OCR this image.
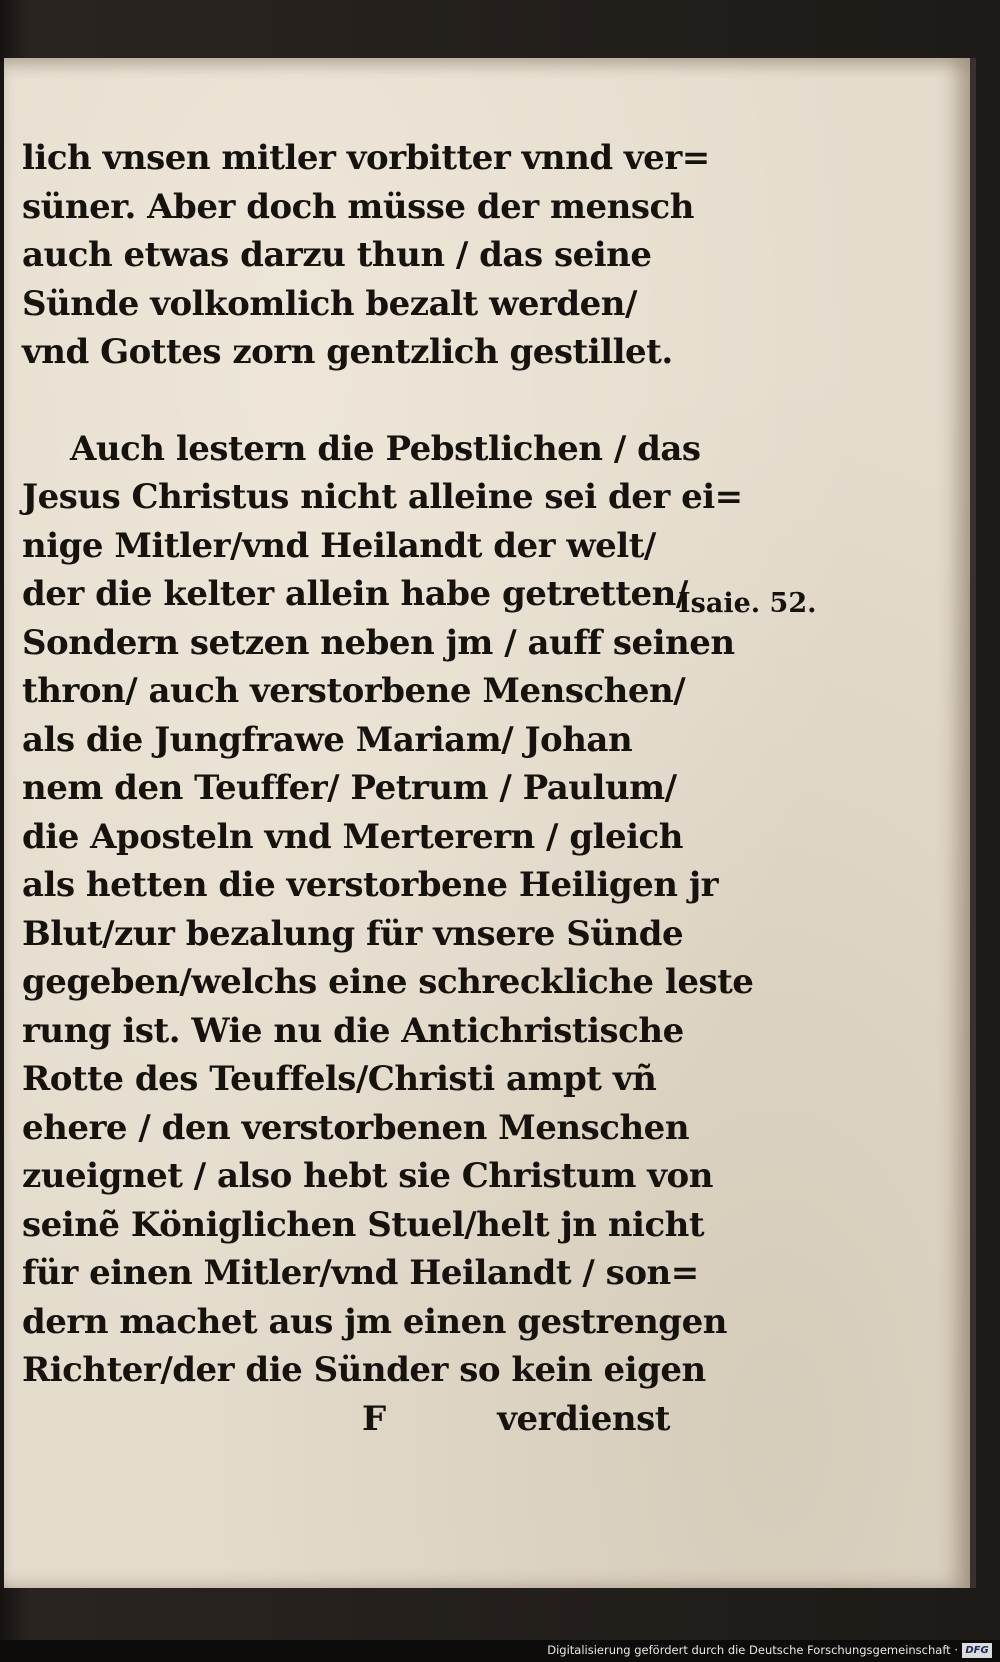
lich vnsen mitler vorbitter vnnd ver=
süner. Aber doch müsse der mensch
auch etwas darzu thun / das seine
Sünde volkomlich bezalt werden/
vnd Gottes zorn gentzlich gestillet.
Auch lestern die Pebstlichen / das
Jesus Christus nicht alleine sei der ei=
nige Mitler/vnd Heilandt der welt/
der die kelter allein habe getretten/
Sondern setzen neben jm / auff seinen
thron/ auch verstorbene Menschen/
als die Jungfrawe Mariam/ Johan
nem den Teuffer/ Petrum / Paulum/
die Aposteln vnd Merterern / gleich
als hetten die verstorbene Heiligen jr
Blut/zur bezalung für vnsere Sünde
gegeben/welchs eine schreckliche leste
rung ist. Wie nu die Antichristische
Rotte des Teuffels/Christi ampt vñ
ehere / den verstorbenen Menschen
zueignet / also hebt sie Christum von
seinẽ Königlichen Stuel/helt jn nicht
für einen Mitler/vnd Heilandt / son=
dern machet aus jm einen gestrengen
Richter/der die Sünder so kein eigen
F	verdienst
Isaie. 52.
Digitalisierung gefördert durch die Deutsche Forschungsgemeinschaft · DFG
